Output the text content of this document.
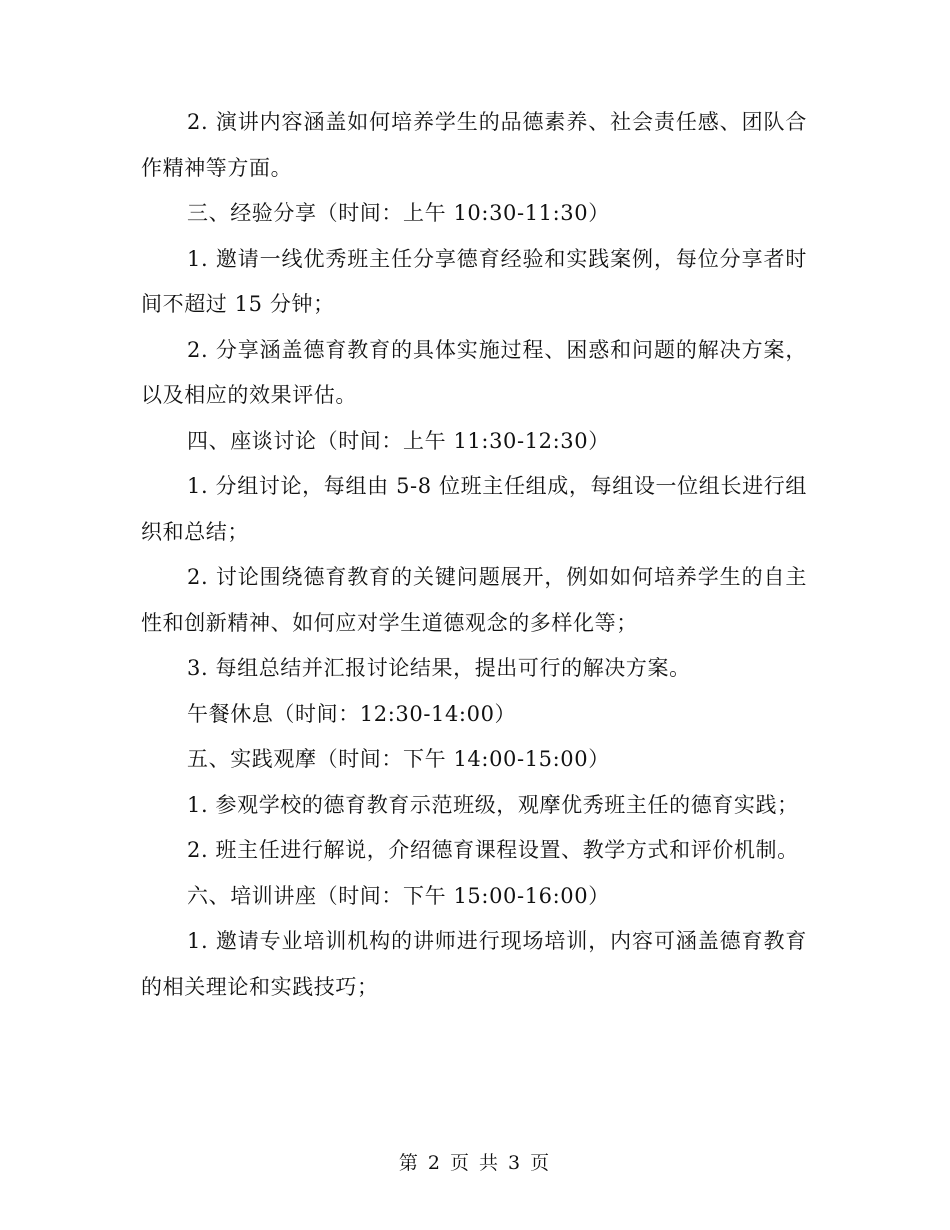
2. 演讲内容涵盖如何培养学生的品德素养、社会责任感、团队合作精神等方面。

三、经验分享（时间：上午 10:30-11:30）

1. 邀请一线优秀班主任分享德育经验和实践案例，每位分享者时间不超过 15 分钟；

2. 分享涵盖德育教育的具体实施过程、困惑和问题的解决方案，以及相应的效果评估。

四、座谈讨论（时间：上午 11:30-12:30）

1. 分组讨论，每组由 5-8 位班主任组成，每组设一位组长进行组织和总结；

2. 讨论围绕德育教育的关键问题展开，例如如何培养学生的自主性和创新精神、如何应对学生道德观念的多样化等；

3. 每组总结并汇报讨论结果，提出可行的解决方案。

午餐休息（时间：12:30-14:00）

五、实践观摩（时间：下午 14:00-15:00）

1. 参观学校的德育教育示范班级，观摩优秀班主任的德育实践；

2. 班主任进行解说，介绍德育课程设置、教学方式和评价机制。

六、培训讲座（时间：下午 15:00-16:00）

1. 邀请专业培训机构的讲师进行现场培训，内容可涵盖德育教育的相关理论和实践技巧；

第 2 页 共 3 页
